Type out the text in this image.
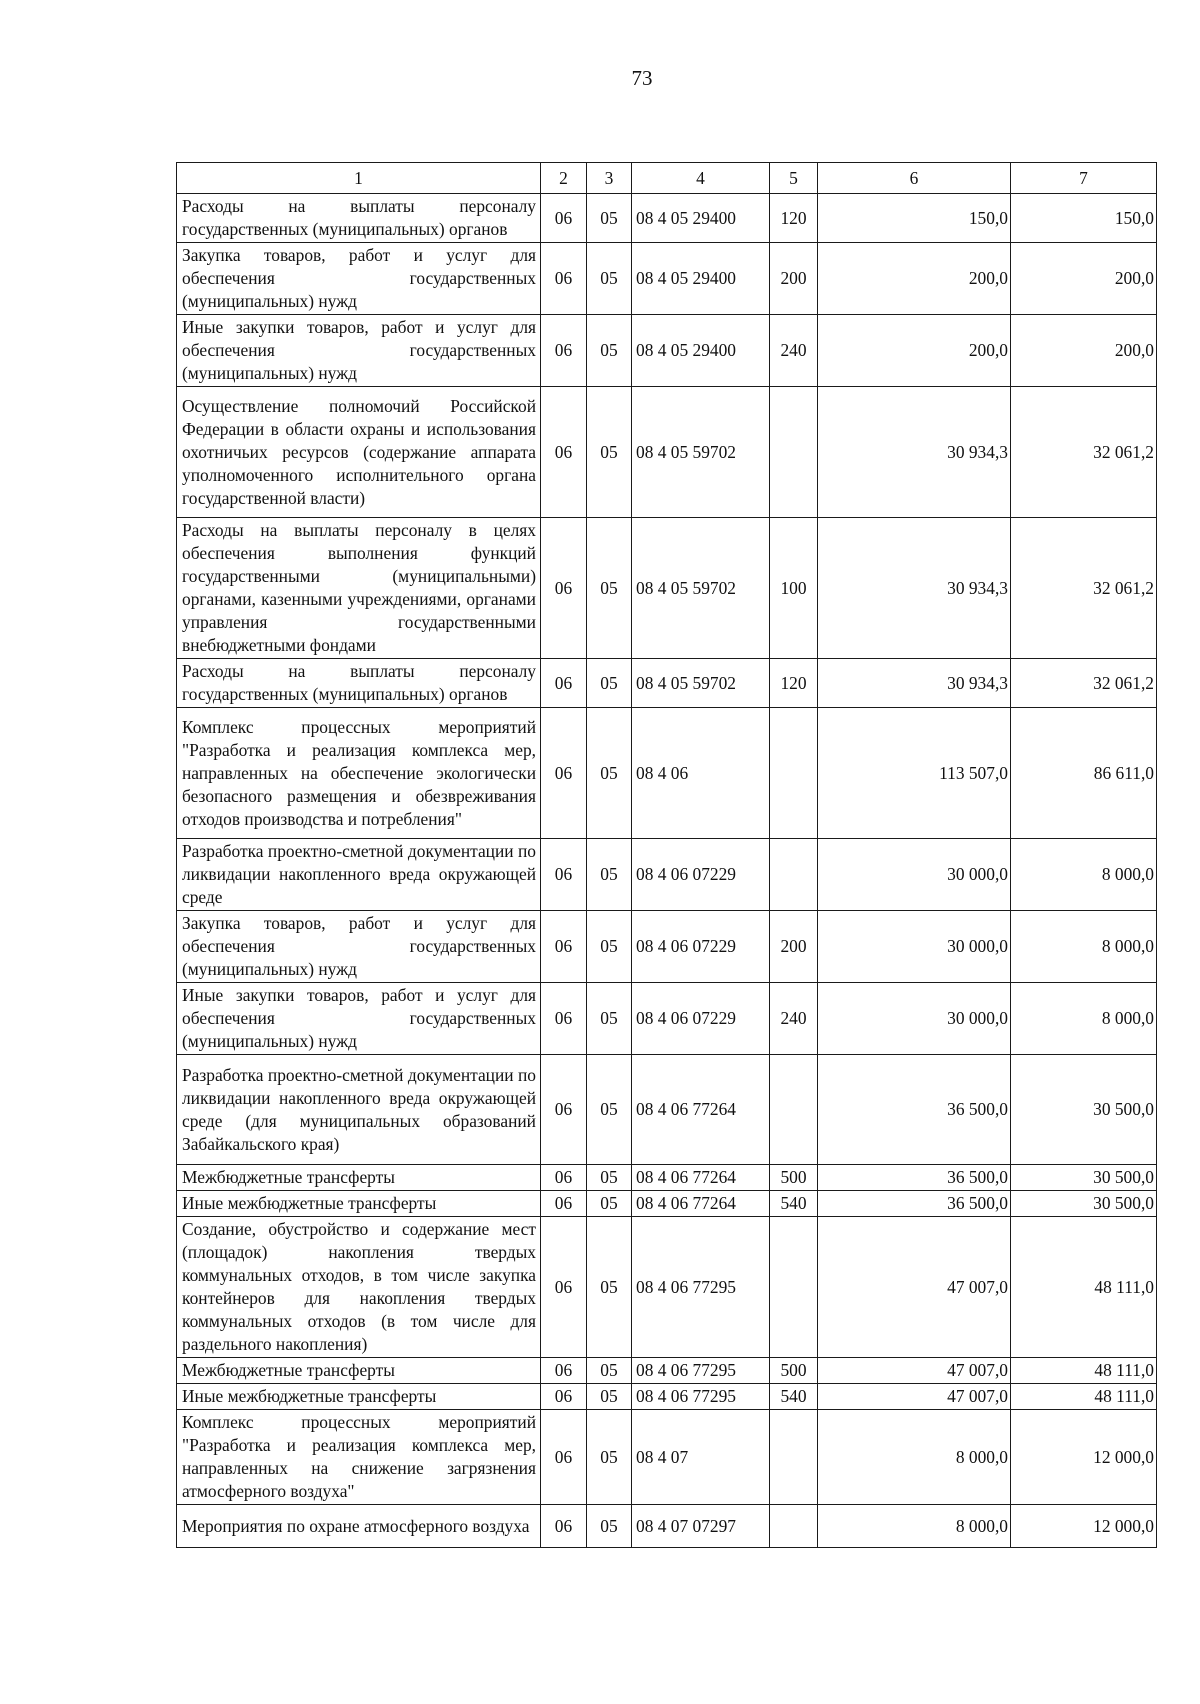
73
1	2	3	4	5	6	7
Расходы на выплаты персоналу государственных (муниципальных) органов	06	05	08 4 05 29400	120	150,0	150,0
Закупка товаров, работ и услуг для обеспечения государственных (муниципальных) нужд	06	05	08 4 05 29400	200	200,0	200,0
Иные закупки товаров, работ и услуг для обеспечения государственных (муниципальных) нужд	06	05	08 4 05 29400	240	200,0	200,0
Осуществление полномочий Российской Федерации в области охраны и использования охотничьих ресурсов (содержание аппарата уполномоченного исполнительного органа государственной власти)	06	05	08 4 05 59702		30 934,3	32 061,2
Расходы на выплаты персоналу в целях обеспечения выполнения функций государственными (муниципальными) органами, казенными учреждениями, органами управления государственными внебюджетными фондами	06	05	08 4 05 59702	100	30 934,3	32 061,2
Расходы на выплаты персоналу государственных (муниципальных) органов	06	05	08 4 05 59702	120	30 934,3	32 061,2
Комплекс процессных мероприятий "Разработка и реализация комплекса мер, направленных на обеспечение экологически безопасного размещения и обезвреживания отходов производства и потребления"	06	05	08 4 06		113 507,0	86 611,0
Разработка проектно-сметной документации по ликвидации накопленного вреда окружающей среде	06	05	08 4 06 07229		30 000,0	8 000,0
Закупка товаров, работ и услуг для обеспечения государственных (муниципальных) нужд	06	05	08 4 06 07229	200	30 000,0	8 000,0
Иные закупки товаров, работ и услуг для обеспечения государственных (муниципальных) нужд	06	05	08 4 06 07229	240	30 000,0	8 000,0
Разработка проектно-сметной документации по ликвидации накопленного вреда окружающей среде (для муниципальных образований Забайкальского края)	06	05	08 4 06 77264		36 500,0	30 500,0
Межбюджетные трансферты	06	05	08 4 06 77264	500	36 500,0	30 500,0
Иные межбюджетные трансферты	06	05	08 4 06 77264	540	36 500,0	30 500,0
Создание, обустройство и содержание мест (площадок) накопления твердых коммунальных отходов, в том числе закупка контейнеров для накопления твердых коммунальных отходов (в том числе для раздельного накопления)	06	05	08 4 06 77295		47 007,0	48 111,0
Межбюджетные трансферты	06	05	08 4 06 77295	500	47 007,0	48 111,0
Иные межбюджетные трансферты	06	05	08 4 06 77295	540	47 007,0	48 111,0
Комплекс процессных мероприятий "Разработка и реализация комплекса мер, направленных на снижение загрязнения атмосферного воздуха"	06	05	08 4 07		8 000,0	12 000,0
Мероприятия по охране атмосферного воздуха	06	05	08 4 07 07297		8 000,0	12 000,0
